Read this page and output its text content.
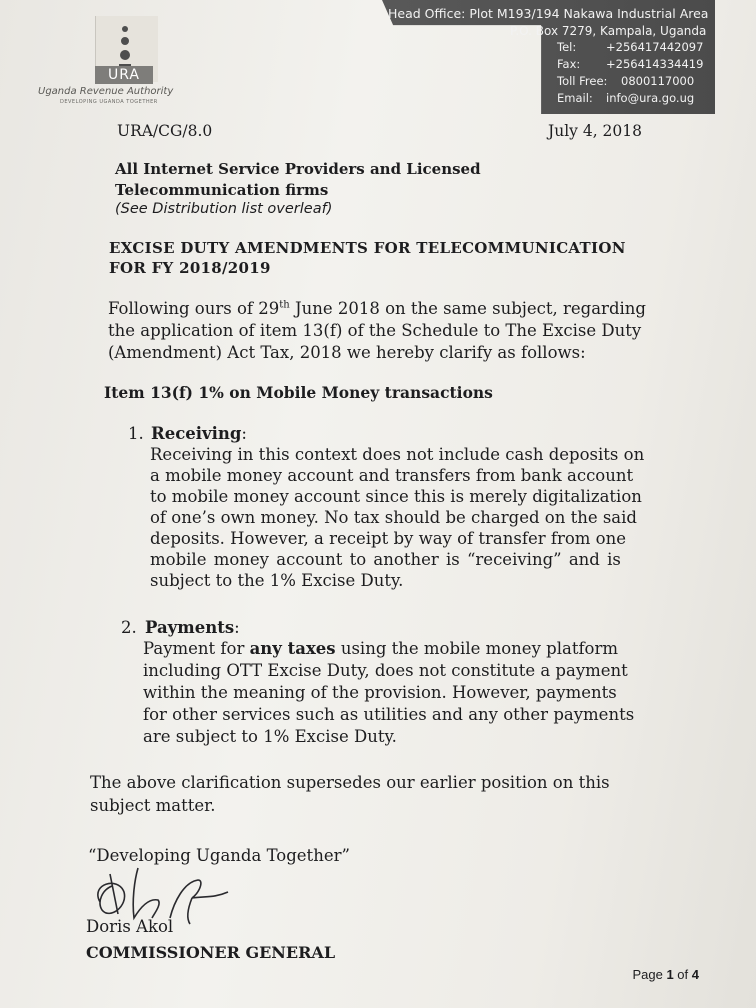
URA
Uganda Revenue Authority
DEVELOPING UGANDA TOGETHER
Head Office: Plot M193/194 Nakawa Industrial Area
P.O. Box 7279, Kampala, Uganda
Tel:	+256417442097
Fax: +256414334419
Toll Free: 0800117000
Email: info@ura.go.ug
URA/CG/8.0	July 4, 2018
All Internet Service Providers and Licensed
Telecommunication firms
(See Distribution list overleaf)
EXCISE DUTY AMENDMENTS FOR TELECOMMUNICATION
FOR FY 2018/2019
Following ours of 29th June 2018 on the same subject, regarding
the application of item 13(f) of the Schedule to The Excise Duty
(Amendment) Act Tax, 2018 we hereby clarify as follows:
Item 13(f) 1% on Mobile Money transactions
1. Receiving:
Receiving in this context does not include cash deposits on
a mobile money account and transfers from bank account
to mobile money account since this is merely digitalization
of one’s own money. No tax should be charged on the said
deposits. However, a receipt by way of transfer from one
mobile money account to another is “receiving” and is
subject to the 1% Excise Duty.
2. Payments:
Payment for any taxes using the mobile money platform
including OTT Excise Duty, does not constitute a payment
within the meaning of the provision. However, payments
for other services such as utilities and any other payments
are subject to 1% Excise Duty.
The above clarification supersedes our earlier position on this
subject matter.
“Developing Uganda Together”
Doris Akol
COMMISSIONER GENERAL
Page 1 of 4
